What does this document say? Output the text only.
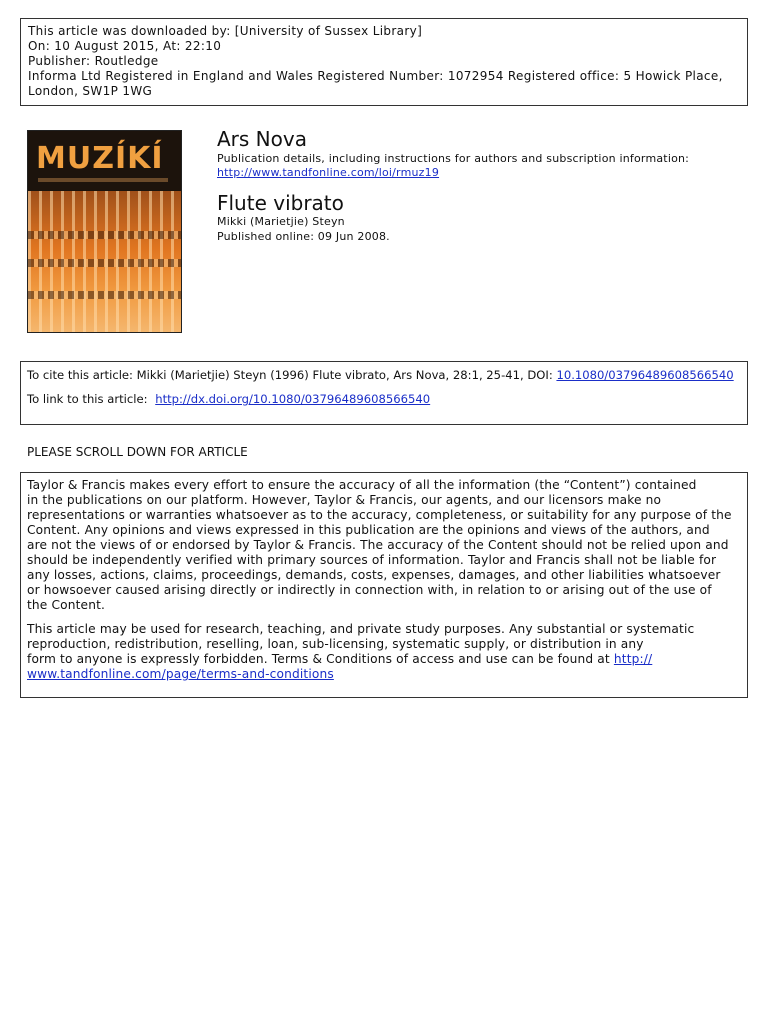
This article was downloaded by: [University of Sussex Library]
On: 10 August 2015, At: 22:10
Publisher: Routledge
Informa Ltd Registered in England and Wales Registered Number: 1072954 Registered office: 5 Howick Place,
London, SW1P 1WG
MUZÍKÍ
Ars Nova
Publication details, including instructions for authors and subscription information:
http://www.tandfonline.com/loi/rmuz19
Flute vibrato
Mikki (Marietjie) Steyn
Published online: 09 Jun 2008.
To cite this article: Mikki (Marietjie) Steyn (1996) Flute vibrato, Ars Nova, 28:1, 25-41, DOI: 10.1080/03796489608566540
To link to this article: http://dx.doi.org/10.1080/03796489608566540
PLEASE SCROLL DOWN FOR ARTICLE
Taylor & Francis makes every effort to ensure the accuracy of all the information (the “Content”) contained
in the publications on our platform. However, Taylor & Francis, our agents, and our licensors make no
representations or warranties whatsoever as to the accuracy, completeness, or suitability for any purpose of the
Content. Any opinions and views expressed in this publication are the opinions and views of the authors, and
are not the views of or endorsed by Taylor & Francis. The accuracy of the Content should not be relied upon and
should be independently verified with primary sources of information. Taylor and Francis shall not be liable for
any losses, actions, claims, proceedings, demands, costs, expenses, damages, and other liabilities whatsoever
or howsoever caused arising directly or indirectly in connection with, in relation to or arising out of the use of
the Content.
This article may be used for research, teaching, and private study purposes. Any substantial or systematic
reproduction, redistribution, reselling, loan, sub-licensing, systematic supply, or distribution in any
form to anyone is expressly forbidden. Terms & Conditions of access and use can be found at http://
www.tandfonline.com/page/terms-and-conditions
